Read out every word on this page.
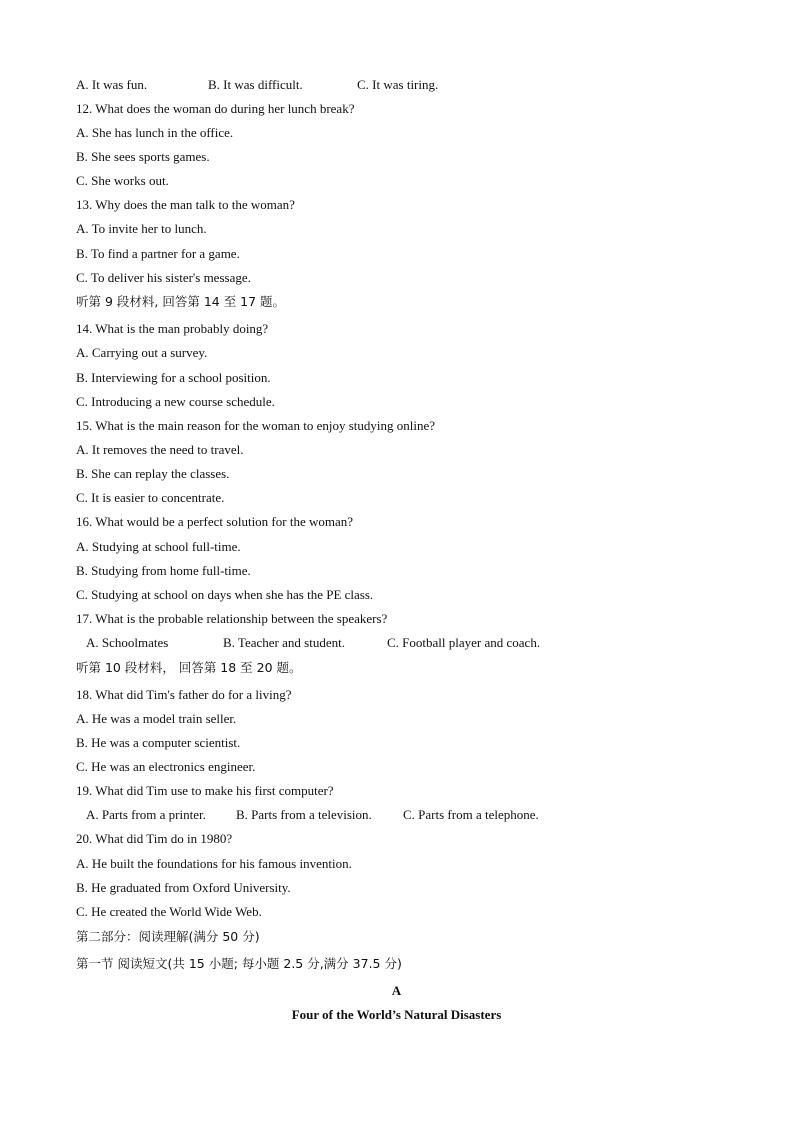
A. It was fun.	B. It was difficult.	C. It was tiring.
12. What does the woman do during her lunch break?
A. She has lunch in the office.
B. She sees sports games.
C. She works out.
13. Why does the man talk to the woman?
A. To invite her to lunch.
B. To find a partner for a game.
C. To deliver his sister's message.
听第 9 段材料, 回答第 14 至 17 题。
14. What is the man probably doing?
A. Carrying out a survey.
B. Interviewing for a school position.
C. Introducing a new course schedule.
15. What is the main reason for the woman to enjoy studying online?
A. It removes the need to travel.
B. She can replay the classes.
C. It is easier to concentrate.
16. What would be a perfect solution for the woman?
A. Studying at school full-time.
B. Studying from home full-time.
C. Studying at school on days when she has the PE class.
17. What is the probable relationship between the speakers?
A. Schoolmates	B. Teacher and student.	C. Football player and coach.
听第 10 段材料， 回答第 18 至 20 题。
18. What did Tim's father do for a living?
A. He was a model train seller.
B. He was a computer scientist.
C. He was an electronics engineer.
19. What did Tim use to make his first computer?
A. Parts from a printer. B. Parts from a television. C. Parts from a telephone.
20. What did Tim do in 1980?
A. He built the foundations for his famous invention.
B. He graduated from Oxford University.
C. He created the World Wide Web.
第二部分：阅读理解(满分 50 分)
第一节 阅读短文(共 15 小题; 每小题 2.5 分,满分 37.5 分)
A
Four of the World’s Natural Disasters
